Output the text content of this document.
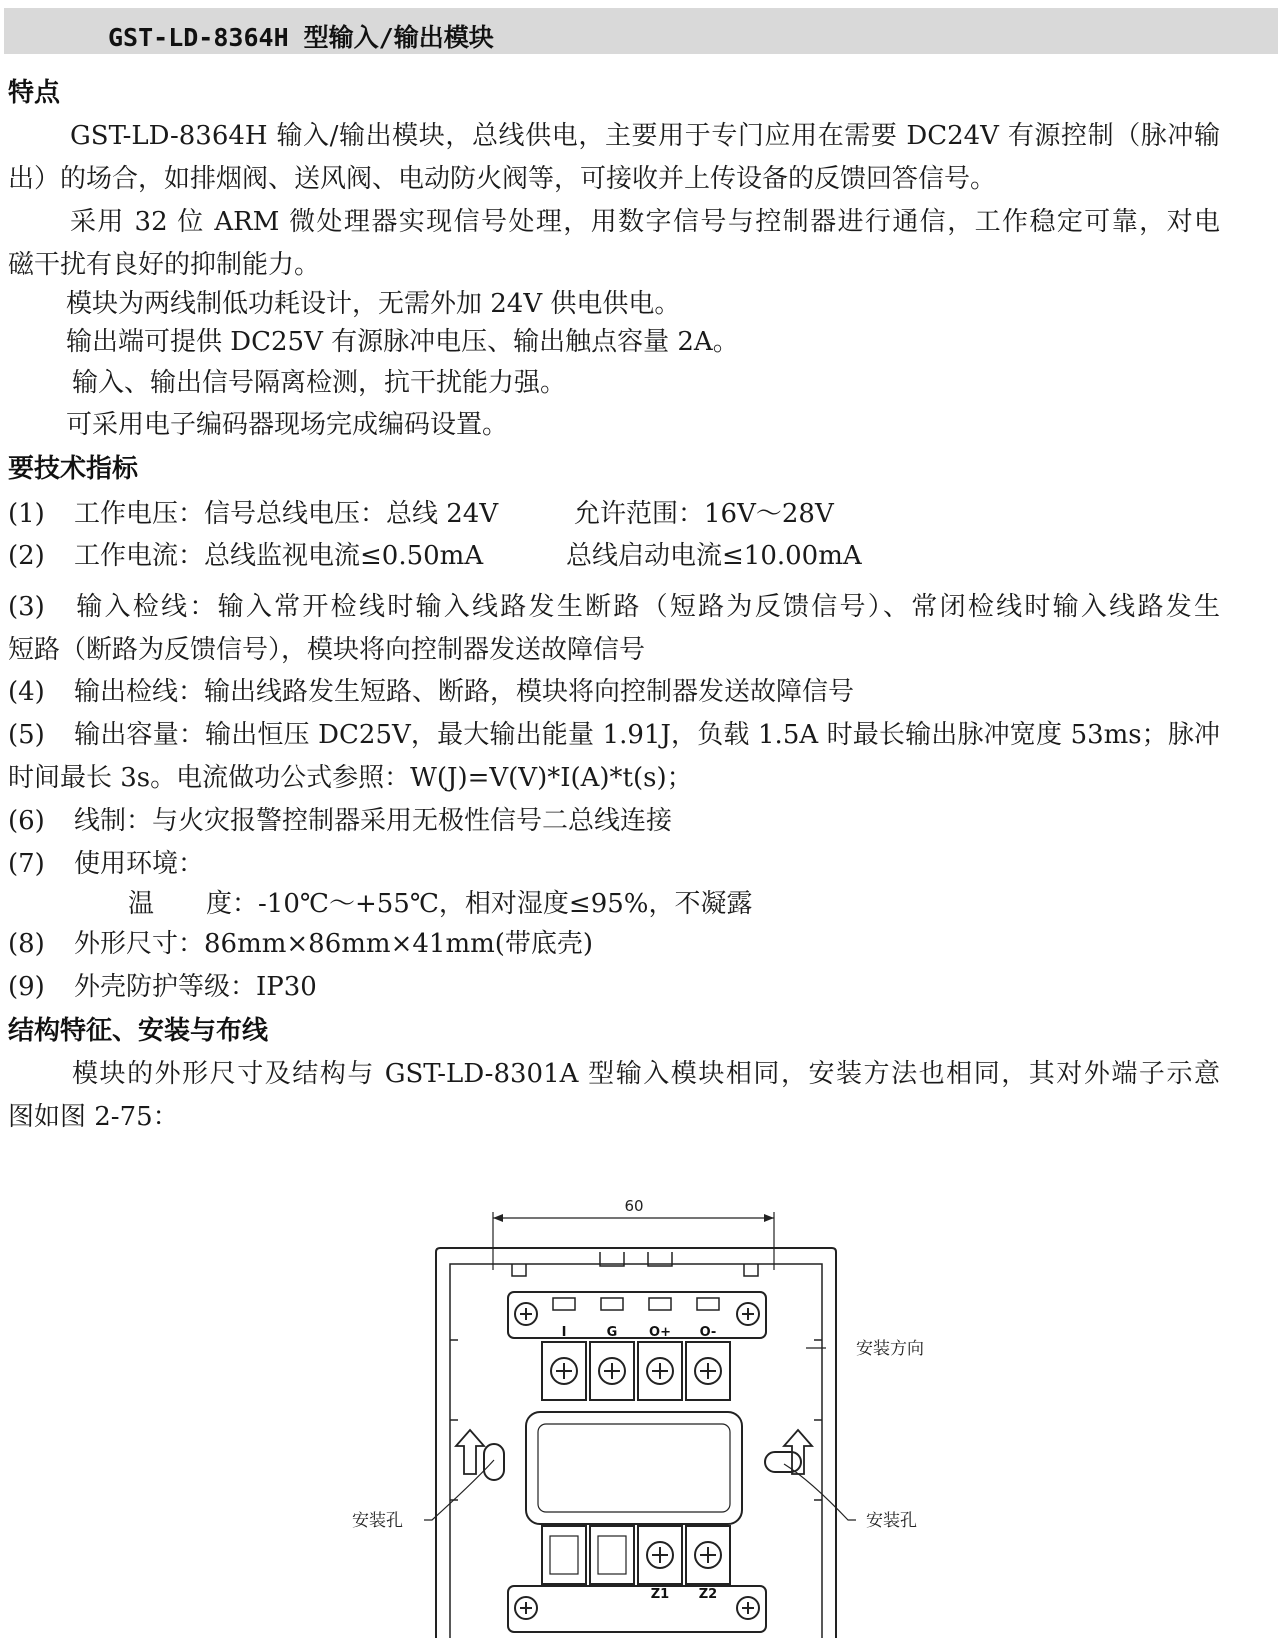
GST-LD-8364H 型输入/输出模块
特点
GST-LD-8364H 输入/输出模块，总线供电，主要用于专门应用在需要 DC24V 有源控制（脉冲输
出）的场合，如排烟阀、送风阀、电动防火阀等，可接收并上传设备的反馈回答信号。
采用 32 位 ARM 微处理器实现信号处理，用数字信号与控制器进行通信，工作稳定可靠，对电
磁干扰有良好的抑制能力。
模块为两线制低功耗设计，无需外加 24V 供电供电。
输出端可提供 DC25V 有源脉冲电压、输出触点容量 2A。
输入、输出信号隔离检测，抗干扰能力强。
可采用电子编码器现场完成编码设置。
要技术指标
(1) 工作电压：信号总线电压：总线 24V	允许范围：16V～28V
(2) 工作电流：总线监视电流≤0.50mA	总线启动电流≤10.00mA
(3) 输入检线：输入常开检线时输入线路发生断路（短路为反馈信号）、常闭检线时输入线路发生
短路（断路为反馈信号），模块将向控制器发送故障信号
(4) 输出检线：输出线路发生短路、断路，模块将向控制器发送故障信号
(5) 输出容量：输出恒压 DC25V，最大输出能量 1.91J，负载 1.5A 时最长输出脉冲宽度 53ms；脉冲
时间最长 3s。电流做功公式参照：W(J)=V(V)*I(A)*t(s)；
(6) 线制：与火灾报警控制器采用无极性信号二总线连接
(7) 使用环境：
温　　度：-10℃～+55℃，相对湿度≤95%，不凝露
(8) 外形尺寸：86mm×86mm×41mm(带底壳)
(9) 外壳防护等级：IP30
结构特征、安装与布线
模块的外形尺寸及结构与 GST-LD-8301A 型输入模块相同，安装方法也相同，其对外端子示意
图如图 2-75：
60
I	G O+ O-
Z1 Z2
安装方向
安装孔	安装孔
